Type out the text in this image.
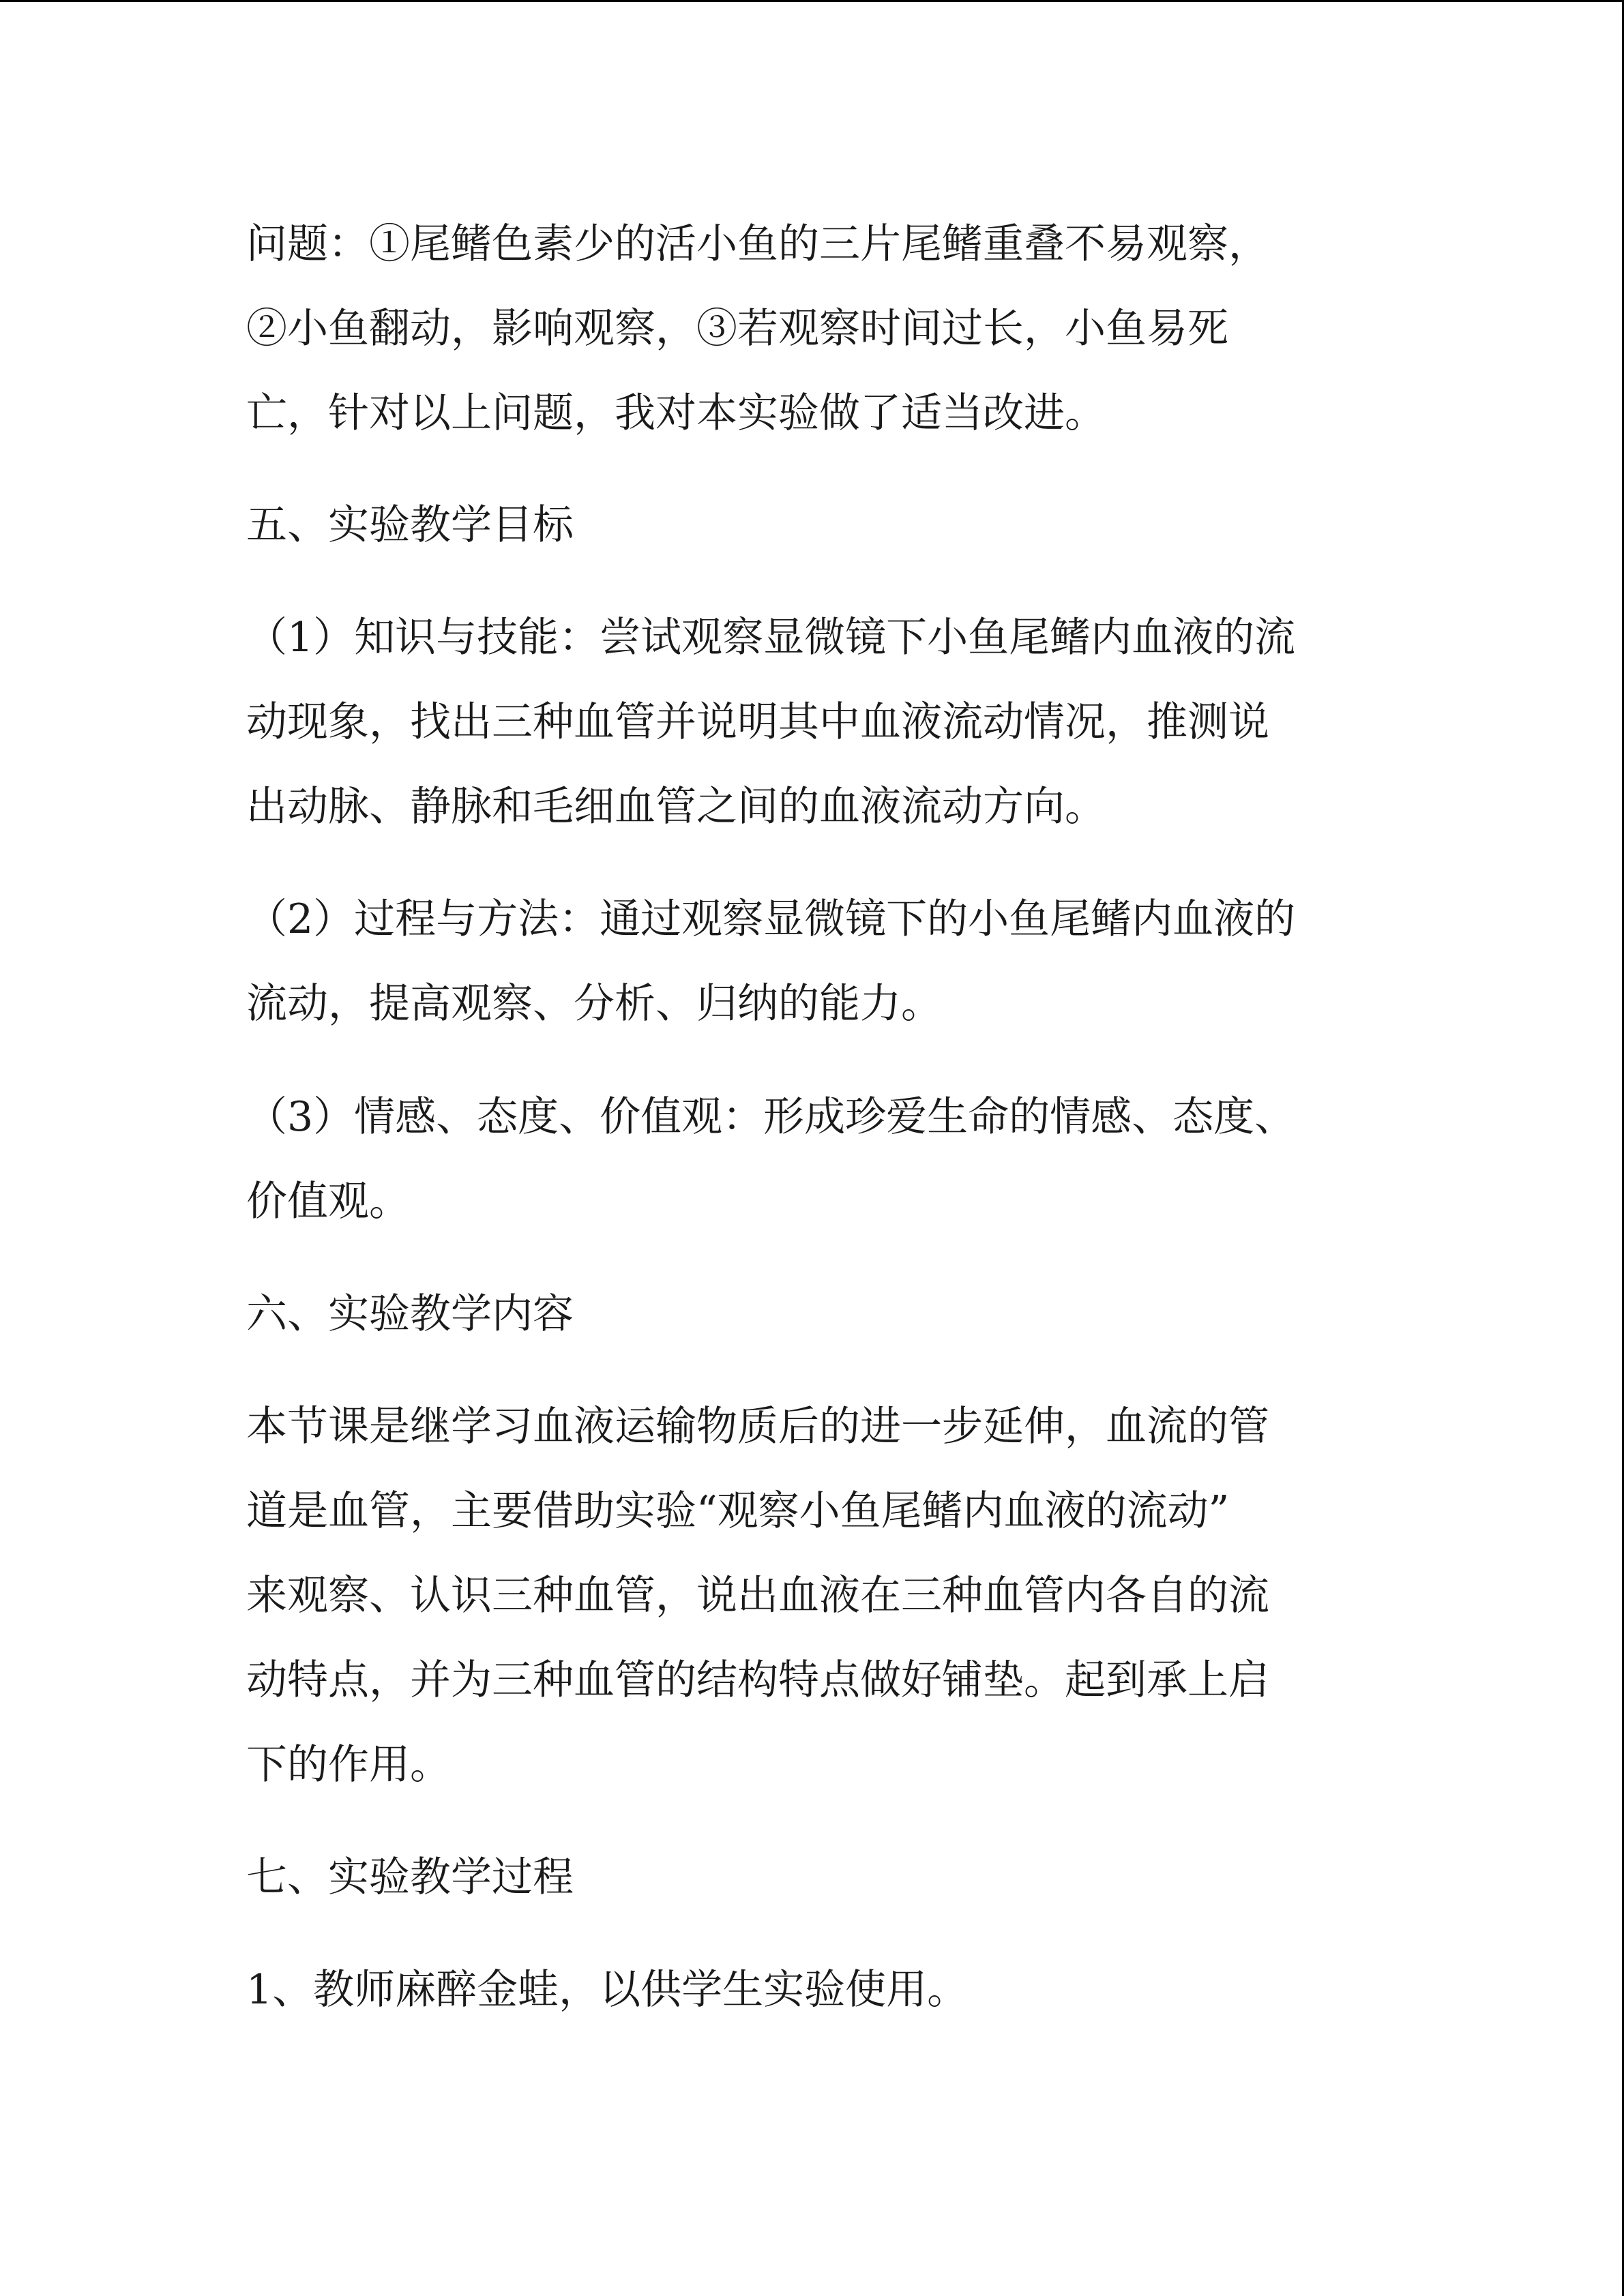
问题：①尾鳍色素少的活小鱼的三片尾鳍重叠不易观察，
②小鱼翻动，影响观察，③若观察时间过长，小鱼易死
亡，针对以上问题，我对本实验做了适当改进。
五、实验教学目标
（1）知识与技能：尝试观察显微镜下小鱼尾鳍内血液的流
动现象，找出三种血管并说明其中血液流动情况，推测说
出动脉、静脉和毛细血管之间的血液流动方向。
（2）过程与方法：通过观察显微镜下的小鱼尾鳍内血液的
流动，提高观察、分析、归纳的能力。
（3）情感、态度、价值观：形成珍爱生命的情感、态度、
价值观。
六、实验教学内容
本节课是继学习血液运输物质后的进一步延伸，血流的管
道是血管，主要借助实验“观察小鱼尾鳍内血液的流动”
来观察、认识三种血管，说出血液在三种血管内各自的流
动特点，并为三种血管的结构特点做好铺垫。起到承上启
下的作用。
七、实验教学过程
1、教师麻醉金蛙，以供学生实验使用。
